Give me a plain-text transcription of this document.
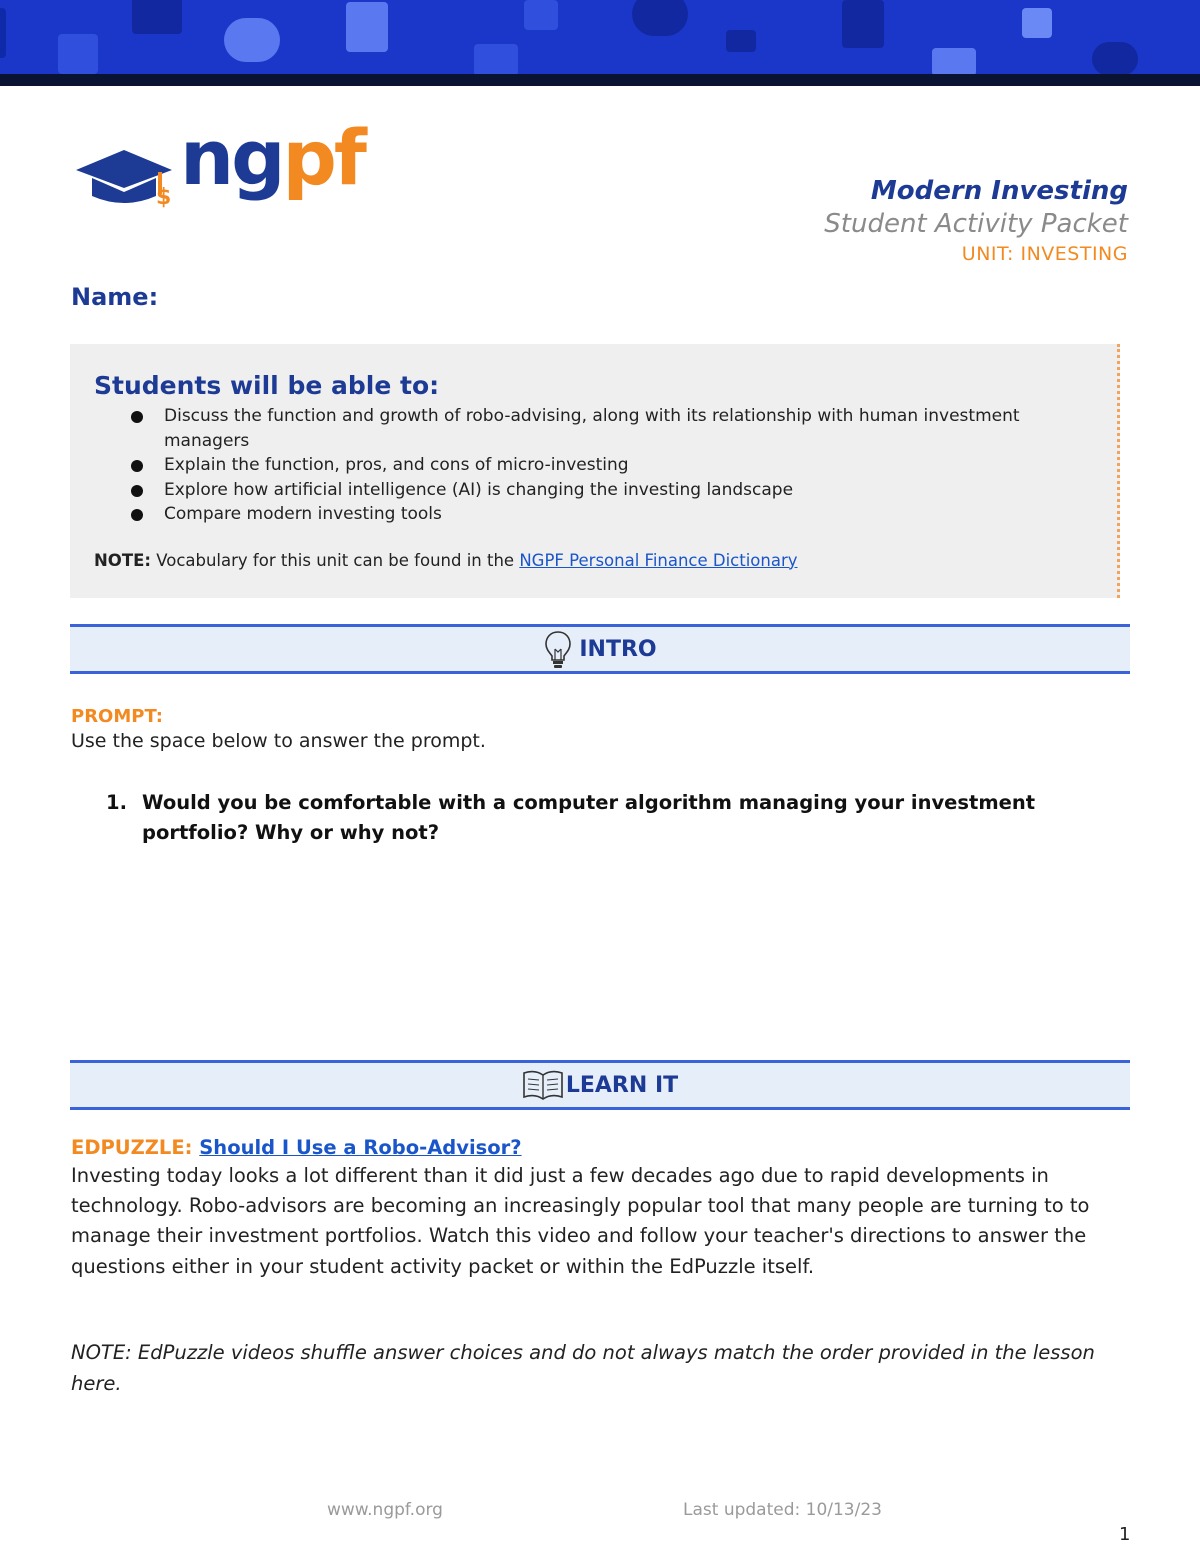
$ ngpf	Modern Investing
Student Activity Packet
UNIT: INVESTING
Name:
Students will be able to:
Discuss the function and growth of robo-advising, along with its relationship with human investment managers
Explain the function, pros, and cons of micro-investing
Explore how artificial intelligence (AI) is changing the investing landscape
Compare modern investing tools
NOTE: Vocabulary for this unit can be found in the NGPF Personal Finance Dictionary
INTRO
PROMPT:
Use the space below to answer the prompt.
1. Would you be comfortable with a computer algorithm managing your investment portfolio? Why or why not?
LEARN IT
EDPUZZLE: Should I Use a Robo-Advisor?
Investing today looks a lot different than it did just a few decades ago due to rapid developments in technology. Robo-advisors are becoming an increasingly popular tool that many people are turning to to manage their investment portfolios. Watch this video and follow your teacher's directions to answer the questions either in your student activity packet or within the EdPuzzle itself.
NOTE: EdPuzzle videos shuffle answer choices and do not always match the order provided in the lesson here.
www.ngpf.org	Last updated: 10/13/23
1
